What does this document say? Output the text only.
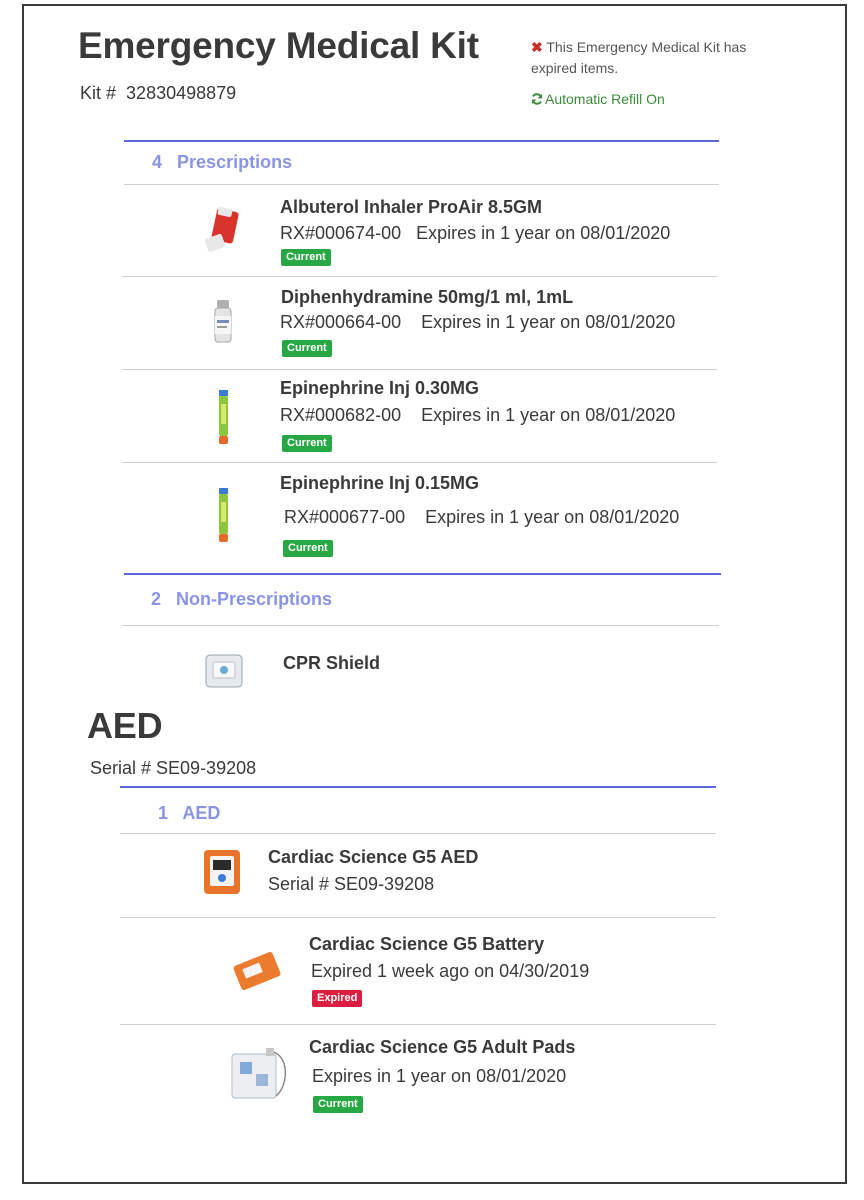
Emergency Medical Kit
Kit # 32830498879
✖ This Emergency Medical Kit has expired items.
Automatic Refill On
4 Prescriptions
Albuterol Inhaler ProAir 8.5GM
RX#000674-00 Expires in 1 year on 08/01/2020
Current
Diphenhydramine 50mg/1 ml, 1mL
RX#000664-00 Expires in 1 year on 08/01/2020
Current
Epinephrine Inj 0.30MG
RX#000682-00 Expires in 1 year on 08/01/2020
Current
Epinephrine Inj 0.15MG
RX#000677-00 Expires in 1 year on 08/01/2020
Current
2 Non-Prescriptions
CPR Shield
AED
Serial # SE09-39208
1 AED
Cardiac Science G5 AED
Serial # SE09-39208
Cardiac Science G5 Battery
Expired 1 week ago on 04/30/2019
Expired
Cardiac Science G5 Adult Pads
Expires in 1 year on 08/01/2020
Current
